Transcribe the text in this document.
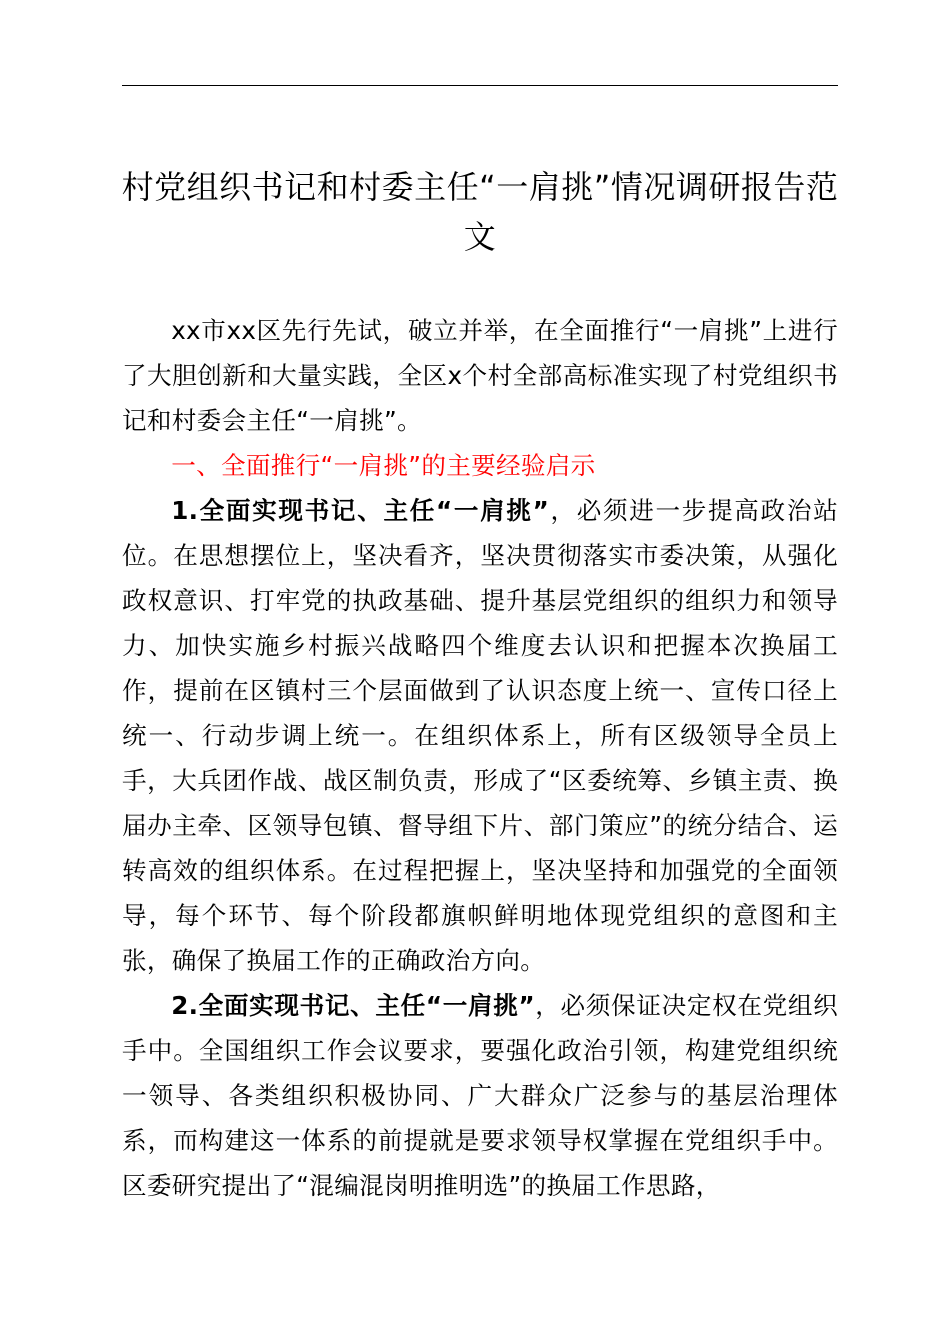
村党组织书记和村委主任“一肩挑”情况调研报告范文

xx市xx区先行先试，破立并举，在全面推行“一肩挑”上进行了大胆创新和大量实践，全区x个村全部高标准实现了村党组织书记和村委会主任“一肩挑”。

一、全面推行“一肩挑”的主要经验启示

1.全面实现书记、主任“一肩挑”，必须进一步提高政治站位。在思想摆位上，坚决看齐，坚决贯彻落实市委决策，从强化政权意识、打牢党的执政基础、提升基层党组织的组织力和领导力、加快实施乡村振兴战略四个维度去认识和把握本次换届工作，提前在区镇村三个层面做到了认识态度上统一、宣传口径上统一、行动步调上统一。在组织体系上，所有区级领导全员上手，大兵团作战、战区制负责，形成了“区委统筹、乡镇主责、换届办主牵、区领导包镇、督导组下片、部门策应”的统分结合、运转高效的组织体系。在过程把握上，坚决坚持和加强党的全面领导，每个环节、每个阶段都旗帜鲜明地体现党组织的意图和主张，确保了换届工作的正确政治方向。

2.全面实现书记、主任“一肩挑”，必须保证决定权在党组织手中。全国组织工作会议要求，要强化政治引领，构建党组织统一领导、各类组织积极协同、广大群众广泛参与的基层治理体系，而构建这一体系的前提就是要求领导权掌握在党组织手中。区委研究提出了“混编混岗明推明选”的换届工作思路，
